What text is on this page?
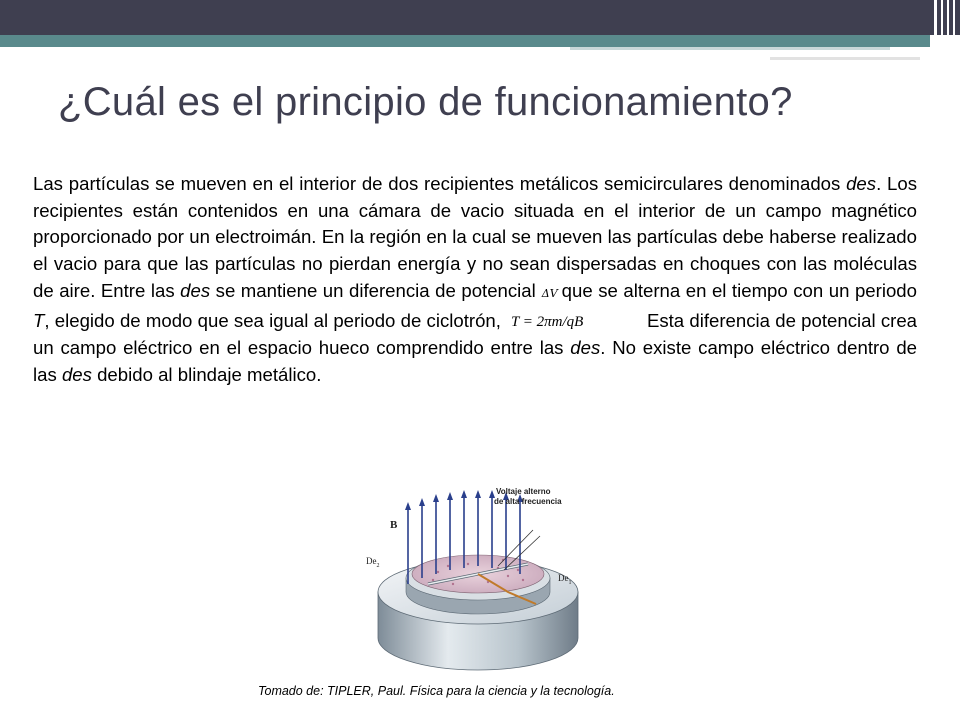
¿Cuál es el principio de funcionamiento?

Las partículas se mueven en el interior de dos recipientes metálicos semicirculares denominados des. Los recipientes están contenidos en una cámara de vacio situada en el interior de un campo magnético proporcionado por un electroimán. En la región en la cual se mueven las partículas debe haberse realizado el vacio para que las partículas no pierdan energía y no sean dispersadas en choques con las moléculas de aire. Entre las des se mantiene un diferencia de potencial ΔV que se alterna en el tiempo con un periodo T, elegido de modo que sea igual al periodo de ciclotrón, T = 2πm/qB	Esta diferencia de potencial crea un campo eléctrico en el espacio hueco comprendido entre las des. No existe campo eléctrico dentro de las des debido al blindaje metálico.

B
Voltaje alterno
de alta frecuencia
$De_2$
$De_1$

Tomado de: TIPLER, Paul. Física para la ciencia y la tecnología.
